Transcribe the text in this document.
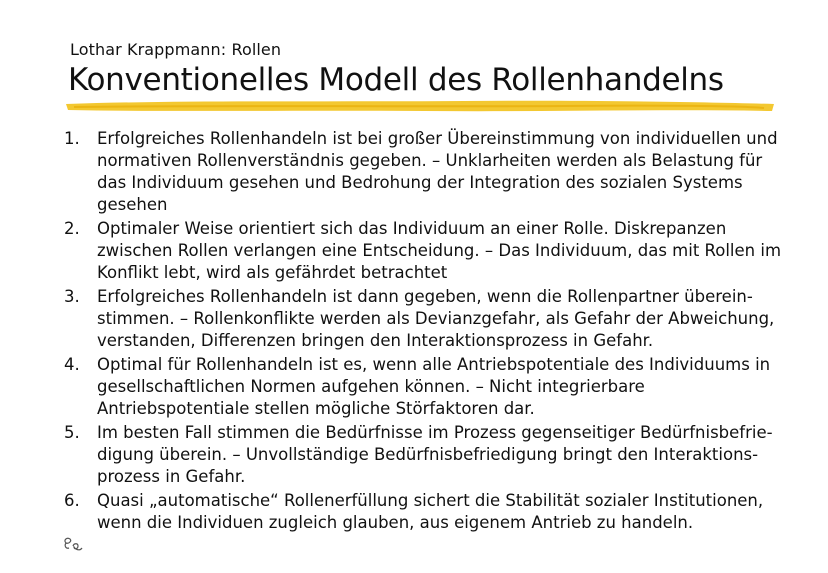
Lothar Krappmann: Rollen
Konventionelles Modell des Rollenhandelns
1.	Erfolgreiches Rollenhandeln ist bei großer Übereinstimmung von individuellen und normativen Rollenverständnis gegeben. – Unklarheiten werden als Belastung für das Individuum gesehen und Bedrohung der Integration des sozialen Systems gesehen
2.	Optimaler Weise orientiert sich das Individuum an einer Rolle. Diskrepanzen zwischen Rollen verlangen eine Entscheidung. – Das Individuum, das mit Rollen im Konflikt lebt, wird als gefährdet betrachtet
3.	Erfolgreiches Rollenhandeln ist dann gegeben, wenn die Rollenpartner überein-stimmen. – Rollenkonflikte werden als Devianzgefahr, als Gefahr der Abweichung, verstanden, Differenzen bringen den Interaktionsprozess in Gefahr.
4.	Optimal für Rollenhandeln ist es, wenn alle Antriebspotentiale des Individuums in gesellschaftlichen Normen aufgehen können. – Nicht integrierbare Antriebspotentiale stellen mögliche Störfaktoren dar.
5.	Im besten Fall stimmen die Bedürfnisse im Prozess gegenseitiger Bedürfnisbefrie-digung überein. – Unvollständige Bedürfnisbefriedigung bringt den Interaktions-prozess in Gefahr.
6.	Quasi „automatische“ Rollenerfüllung sichert die Stabilität sozialer Institutionen, wenn die Individuen zugleich glauben, aus eigenem Antrieb zu handeln.
